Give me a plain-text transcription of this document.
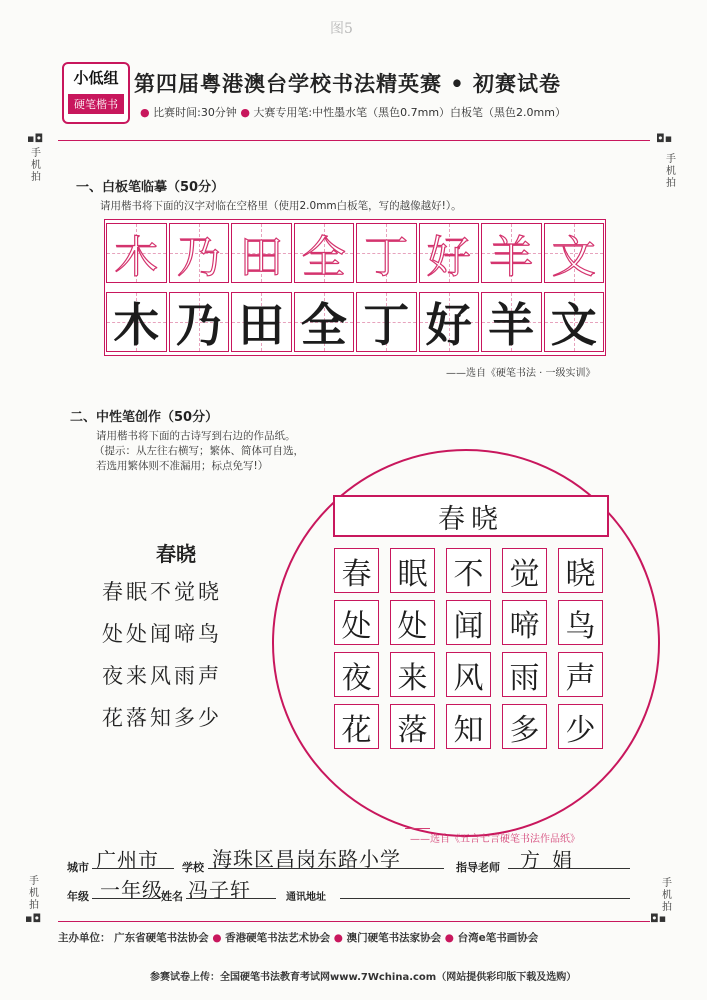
图5
小低组
硬笔楷书
第四届粤港澳台学校书法精英赛 • 初赛试卷
● 比赛时间:30分钟 ● 大赛专用笔:中性墨水笔（黑色0.7mm）白板笔（黑色2.0mm）
▪◘
手机拍
◘▪
手机拍
手机拍
▪◘
手机拍
◘▪
一、白板笔临摹（50分）
请用楷书将下面的汉字对临在空格里（使用2.0mm白板笔，写的越像越好!）。
木 乃 田 全 丁 好 羊 文
木 乃 田 全 丁 好 羊 文
——选自《硬笔书法 · 一级实训》
二、中性笔创作（50分）
请用楷书将下面的古诗写到右边的作品纸。
（提示：从左往右横写；繁体、简体可自选，
若选用繁体则不准漏用；标点免写!）
春晓
春眠不觉晓
处处闻啼鸟
夜来风雨声
花落知多少
春晓
春 眠 不 觉 晓
处 处 闻 啼 鸟
夜 来 风 雨 声
花 落 知 多 少
——选自《五言七言硬笔书法作品纸》
城市 广州市 学校 海珠区昌岗东路小学	指导老师 方娟
年级 一年级
姓名 冯子轩	通讯地址
主办单位： 广东省硬笔书法协会 ● 香港硬笔书法艺术协会 ● 澳门硬笔书法家协会 ● 台湾e笔书画协会
参赛试卷上传：全国硬笔书法教育考试网www.7Wchina.com（网站提供彩印版下载及选购）
